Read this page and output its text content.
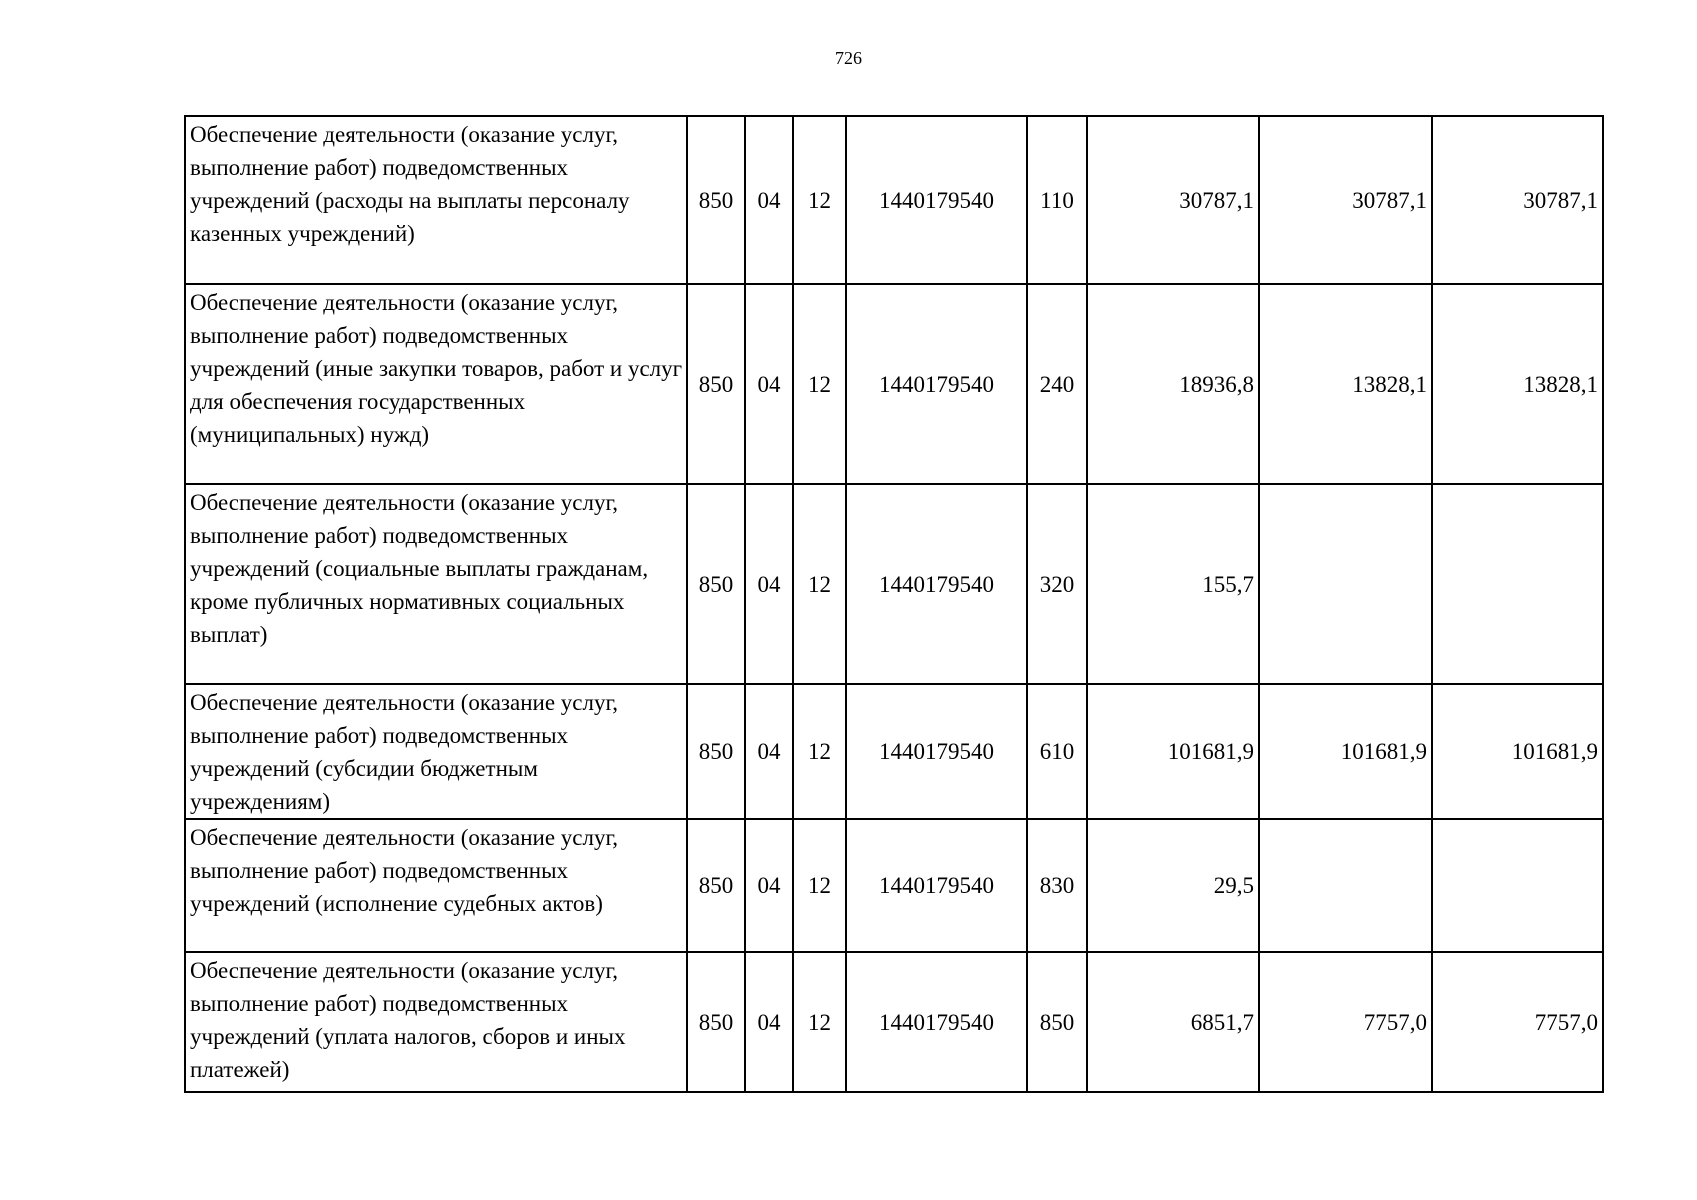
726
Обеспечение деятельности (оказание услуг, выполнение работ) подведомственных учреждений (расходы на выплаты персоналу казенных учреждений)	850	04	12	1440179540	110	30787,1	30787,1	30787,1
Обеспечение деятельности (оказание услуг, выполнение работ) подведомственных учреждений (иные закупки товаров, работ и услуг для обеспечения государственных (муниципальных) нужд)	850	04	12	1440179540	240	18936,8	13828,1	13828,1
Обеспечение деятельности (оказание услуг, выполнение работ) подведомственных учреждений (социальные выплаты гражданам, кроме публичных нормативных социальных выплат)	850	04	12	1440179540	320	155,7		
Обеспечение деятельности (оказание услуг, выполнение работ) подведомственных учреждений (субсидии бюджетным учреждениям)	850	04	12	1440179540	610	101681,9	101681,9	101681,9
Обеспечение деятельности (оказание услуг, выполнение работ) подведомственных учреждений (исполнение судебных актов)	850	04	12	1440179540	830	29,5		
Обеспечение деятельности (оказание услуг, выполнение работ) подведомственных учреждений (уплата налогов, сборов и иных платежей)	850	04	12	1440179540	850	6851,7	7757,0	7757,0
